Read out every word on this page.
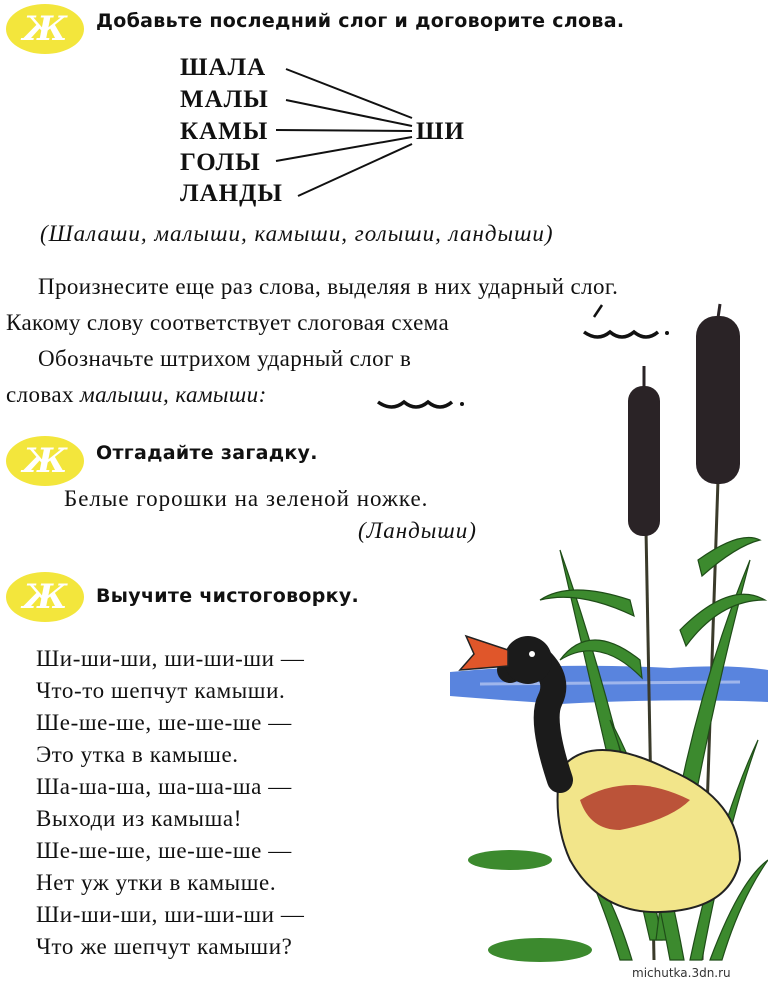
Ж Добавьте последний слог и договорите слова.
ШАЛА
МАЛЫ
КАМЫ
ГОЛЫ
ЛАНДЫ
ШИ
(Шалаши, малыши, камыши, голыши, ландыши)
Произнесите еще раз слова, выделяя в них ударный слог.
Какому слову соответствует слоговая схема
Обозначьте штрихом ударный слог в
словах малыши, камыши:
Ж Отгадайте загадку.
Белые горошки на зеленой ножке.
(Ландыши)
Ж Выучите чистоговорку.
Ши-ши-ши, ши-ши-ши —
Что-то шепчут камыши.
Ше-ше-ше, ше-ше-ше —
Это утка в камыше.
Ша-ша-ша, ша-ша-ша —
Выходи из камыша!
Ше-ше-ше, ше-ше-ше —
Нет уж утки в камыше.
Ши-ши-ши, ши-ши-ши —
Что же шепчут камыши?
michutka.3dn.ru
